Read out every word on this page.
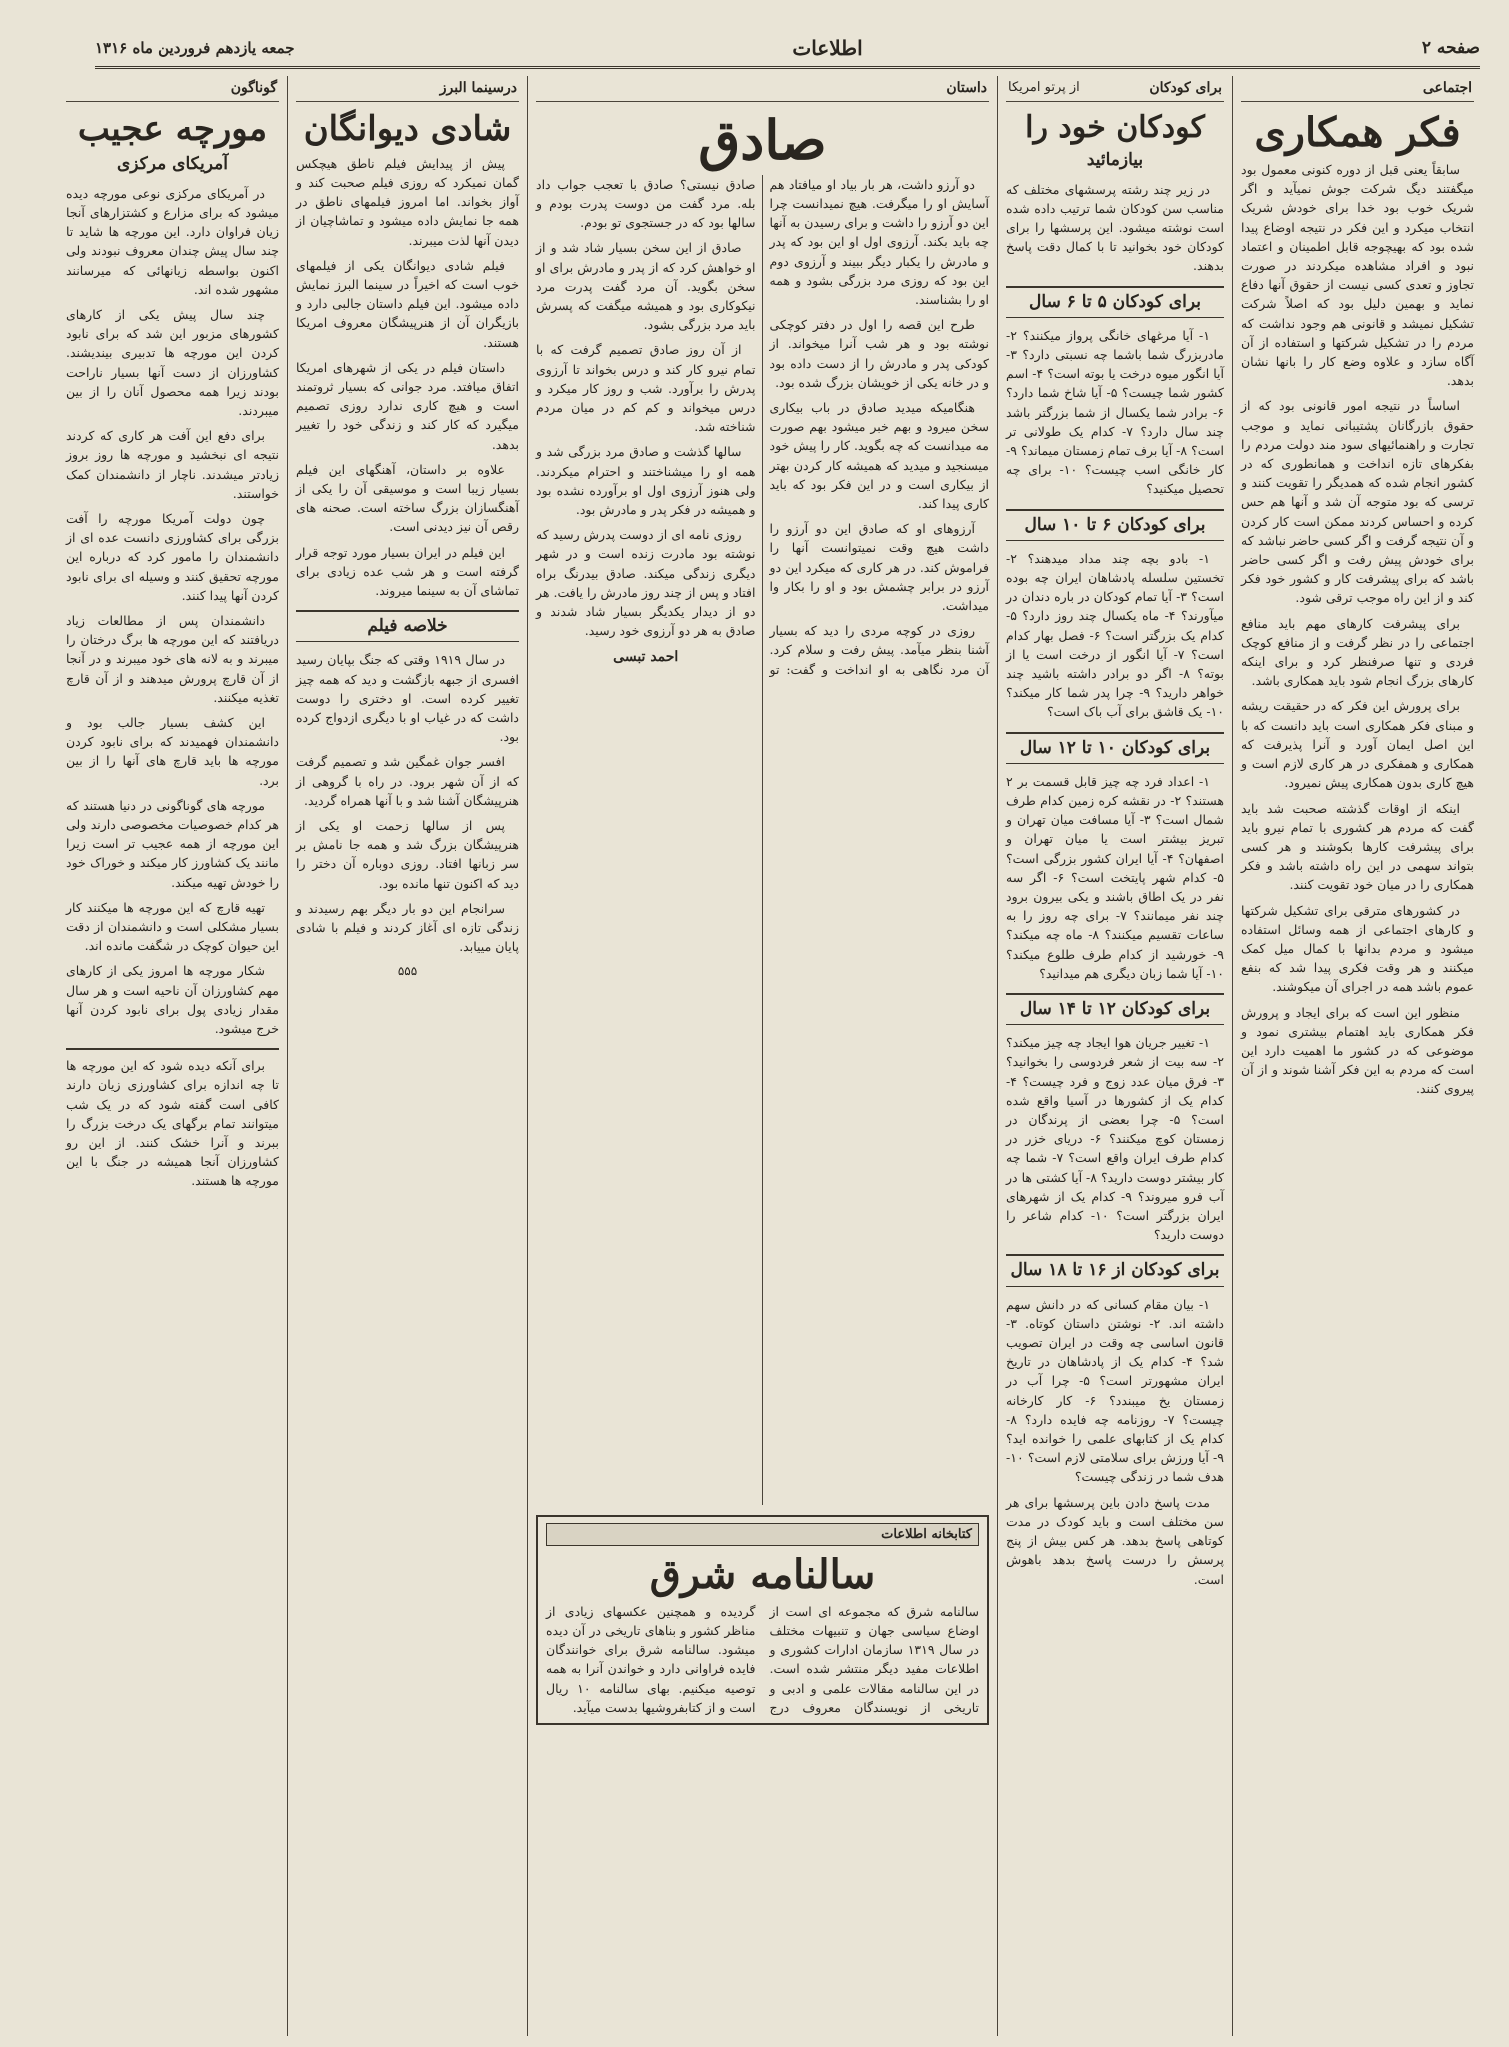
صفحه ۲
اطلاعات
جمعه یازدهم فروردین ماه ۱۳۱۶
اجتماعی
فکر همکاری

سابقاً یعنی قبل از دوره کنونی معمول بود میگفتند دیگ شرکت جوش نمیآید و اگر شریک خوب بود خدا برای خودش شریک انتخاب میکرد و این فکر در نتیجه اوضاع پیدا شده بود که بهیچوجه قابل اطمینان و اعتماد نبود و افراد مشاهده میکردند در صورت تجاوز و تعدی کسی نیست از حقوق آنها دفاع نماید و بهمین دلیل بود که اصلاً شرکت تشکیل نمیشد و قانونی هم وجود نداشت که مردم را در تشکیل شرکتها و استفاده از آن آگاه سازد و علاوه وضع کار را بانها نشان بدهد.

اساساً در نتیجه امور قانونی بود که از حقوق بازرگانان پشتیبانی نماید و موجب تجارت و راهنمائیهای سود مند دولت مردم را بفکرهای تازه انداخت و همانطوری که در کشور انجام شده که همدیگر را تقویت کنند و ترسی که بود متوجه آن شد و آنها هم حس کرده و احساس کردند ممکن است کار کردن و آن نتیجه گرفت و اگر کسی حاضر نباشد که برای خودش پیش رفت و اگر کسی حاضر باشد که برای پیشرفت کار و کشور خود فکر کند و از این راه موجب ترقی شود.

برای پیشرفت کارهای مهم باید منافع اجتماعی را در نظر گرفت و از منافع کوچک فردی و تنها صرفنظر کرد و برای اینکه کارهای بزرگ انجام شود باید همکاری باشد.

برای پرورش این فکر که در حقیقت ریشه و مبنای فکر همکاری است باید دانست که با این اصل ایمان آورد و آنرا پذیرفت که همکاری و همفکری در هر کاری لازم است و هیچ کاری بدون همکاری پیش نمیرود.

اینکه از اوقات گذشته صحبت شد باید گفت که مردم هر کشوری با تمام نیرو باید برای پیشرفت کارها بکوشند و هر کسی بتواند سهمی در این راه داشته باشد و فکر همکاری را در میان خود تقویت کنند.

در کشورهای مترقی برای تشکیل شرکتها و کارهای اجتماعی از همه وسائل استفاده میشود و مردم بدانها با کمال میل کمک میکنند و هر وقت فکری پیدا شد که بنفع عموم باشد همه در اجرای آن میکوشند.

منظور این است که برای ایجاد و پرورش فکر همکاری باید اهتمام بیشتری نمود و موضوعی که در کشور ما اهمیت دارد این است که مردم به این فکر آشنا شوند و از آن پیروی کنند.

برای کودکان
از پرتو امریکا
کودکان خود را
بیازمائید

در زیر چند رشته پرسشهای مختلف که مناسب سن کودکان شما ترتیب داده شده است نوشته میشود. این پرسشها را برای کودکان خود بخوانید تا با کمال دقت پاسخ بدهند.

برای کودکان ۵ تا ۶ سال

۱- آیا مرغهای خانگی پرواز میکنند؟ ۲- مادربزرگ شما باشما چه نسبتی دارد؟ ۳- آیا انگور میوه درخت یا بوته است؟ ۴- اسم کشور شما چیست؟ ۵- آیا شاخ شما دارد؟ ۶- برادر شما یکسال از شما بزرگتر باشد چند سال دارد؟ ۷- کدام یک طولانی تر است؟ ۸- آیا برف تمام زمستان میماند؟ ۹- کار خانگی اسب چیست؟ ۱۰- برای چه تحصیل میکنید؟

برای کودکان ۶ تا ۱۰ سال

۱- بادو بچه چند مداد میدهند؟ ۲- تخستین سلسله پادشاهان ایران چه بوده است؟ ۳- آیا تمام کودکان در باره دندان در میآورند؟ ۴- ماه یکسال چند روز دارد؟ ۵- کدام یک بزرگتر است؟ ۶- فصل بهار کدام است؟ ۷- آیا انگور از درخت است یا از بوته؟ ۸- اگر دو برادر داشته باشید چند خواهر دارید؟ ۹- چرا پدر شما کار میکند؟ ۱۰- یک قاشق برای آب باک است؟

برای کودکان ۱۰ تا ۱۲ سال

۱- اعداد فرد چه چیز قابل قسمت بر ۲ هستند؟ ۲- در نقشه کره زمین کدام طرف شمال است؟ ۳- آیا مسافت میان تهران و تبریز بیشتر است یا میان تهران و اصفهان؟ ۴- آیا ایران کشور بزرگی است؟ ۵- کدام شهر پایتخت است؟ ۶- اگر سه نفر در یک اطاق باشند و یکی بیرون برود چند نفر میمانند؟ ۷- برای چه روز را به ساعات تقسیم میکنند؟ ۸- ماه چه میکند؟ ۹- خورشید از کدام طرف طلوع میکند؟ ۱۰- آیا شما زبان دیگری هم میدانید؟

برای کودکان ۱۲ تا ۱۴ سال

۱- تغییر جریان هوا ایجاد چه چیز میکند؟ ۲- سه بیت از شعر فردوسی را بخوانید؟ ۳- فرق میان عدد زوج و فرد چیست؟ ۴- کدام یک از کشورها در آسیا واقع شده است؟ ۵- چرا بعضی از پرندگان در زمستان کوچ میکنند؟ ۶- دریای خزر در کدام طرف ایران واقع است؟ ۷- شما چه کار بیشتر دوست دارید؟ ۸- آیا کشتی ها در آب فرو میروند؟ ۹- کدام یک از شهرهای ایران بزرگتر است؟ ۱۰- کدام شاعر را دوست دارید؟

برای کودکان از ۱۶ تا ۱۸ سال

۱- بیان مقام کسانی که در دانش سهم داشته اند. ۲- نوشتن داستان کوتاه. ۳- قانون اساسی چه وقت در ایران تصویب شد؟ ۴- کدام یک از پادشاهان در تاریخ ایران مشهورتر است؟ ۵- چرا آب در زمستان یخ میبندد؟ ۶- کار کارخانه چیست؟ ۷- روزنامه چه فایده دارد؟ ۸- کدام یک از کتابهای علمی را خوانده اید؟ ۹- آیا ورزش برای سلامتی لازم است؟ ۱۰- هدف شما در زندگی چیست؟

مدت پاسخ دادن باین پرسشها برای هر سن مختلف است و باید کودک در مدت کوتاهی پاسخ بدهد. هر کس بیش از پنج پرسش را درست پاسخ بدهد باهوش است.

داستان
صادق

دو آرزو داشت، هر بار بیاد او میافتاد هم آسایش او را میگرفت. هیچ نمیدانست چرا این دو آرزو را داشت و برای رسیدن به آنها چه باید بکند. آرزوی اول او این بود که پدر و مادرش را یکبار دیگر ببیند و آرزوی دوم این بود که روزی مرد بزرگی بشود و همه او را بشناسند.

طرح این قصه را اول در دفتر کوچکی نوشته بود و هر شب آنرا میخواند. از کودکی پدر و مادرش را از دست داده بود و در خانه یکی از خویشان بزرگ شده بود.

هنگامیکه میدید صادق در باب بیکاری سخن میرود و بهم خبر میشود بهم صورت مه میدانست که چه بگوید. کار را پیش خود میسنجید و میدید که همیشه کار کردن بهتر از بیکاری است و در این فکر بود که باید کاری پیدا کند.

آرزوهای او که صادق این دو آرزو را داشت هیچ وقت نمیتوانست آنها را فراموش کند. در هر کاری که میکرد این دو آرزو در برابر چشمش بود و او را بکار وا میداشت.

روزی در کوچه مردی را دید که بسیار آشنا بنظر میآمد. پیش رفت و سلام کرد. آن مرد نگاهی به او انداخت و گفت: تو صادق نیستی؟ صادق با تعجب جواب داد بله. مرد گفت من دوست پدرت بودم و سالها بود که در جستجوی تو بودم.

صادق از این سخن بسیار شاد شد و از او خواهش کرد که از پدر و مادرش برای او سخن بگوید. آن مرد گفت پدرت مرد نیکوکاری بود و همیشه میگفت که پسرش باید مرد بزرگی بشود.

از آن روز صادق تصمیم گرفت که با تمام نیرو کار کند و درس بخواند تا آرزوی پدرش را برآورد. شب و روز کار میکرد و درس میخواند و کم کم در میان مردم شناخته شد.

سالها گذشت و صادق مرد بزرگی شد و همه او را میشناختند و احترام میکردند. ولی هنوز آرزوی اول او برآورده نشده بود و همیشه در فکر پدر و مادرش بود.

روزی نامه ای از دوست پدرش رسید که نوشته بود مادرت زنده است و در شهر دیگری زندگی میکند. صادق بیدرنگ براه افتاد و پس از چند روز مادرش را یافت. هر دو از دیدار یکدیگر بسیار شاد شدند و صادق به هر دو آرزوی خود رسید.

احمد تبسی
کتابخانه اطلاعات
سالنامه شرق
سالنامه شرق که مجموعه ای است از اوضاع سیاسی جهان و تنبیهات مختلف در سال ۱۳۱۹ سازمان ادارات کشوری و اطلاعات مفید دیگر منتشر شده است. در این سالنامه مقالات علمی و ادبی و تاریخی از نویسندگان معروف درج گردیده و همچنین عکسهای زیادی از مناظر کشور و بناهای تاریخی در آن دیده میشود. سالنامه شرق برای خوانندگان فایده فراوانی دارد و خواندن آنرا به همه توصیه میکنیم. بهای سالنامه ۱۰ ریال است و از کتابفروشیها بدست میآید.
درسینما البرز
شادی دیوانگان

پیش از پیدایش فیلم ناطق هیچکس گمان نمیکرد که روزی فیلم صحبت کند و آواز بخواند. اما امروز فیلمهای ناطق در همه جا نمایش داده میشود و تماشاچیان از دیدن آنها لذت میبرند.

فیلم شادی دیوانگان یکی از فیلمهای خوب است که اخیراً در سینما البرز نمایش داده میشود. این فیلم داستان جالبی دارد و بازیگران آن از هنرپیشگان معروف امریکا هستند.

داستان فیلم در یکی از شهرهای امریکا اتفاق میافتد. مرد جوانی که بسیار ثروتمند است و هیچ کاری ندارد روزی تصمیم میگیرد که کار کند و زندگی خود را تغییر بدهد.

علاوه بر داستان، آهنگهای این فیلم بسیار زیبا است و موسیقی آن را یکی از آهنگسازان بزرگ ساخته است. صحنه های رقص آن نیز دیدنی است.

این فیلم در ایران بسیار مورد توجه قرار گرفته است و هر شب عده زیادی برای تماشای آن به سینما میروند.

خلاصه فیلم

در سال ۱۹۱۹ وقتی که جنگ بپایان رسید افسری از جبهه بازگشت و دید که همه چیز تغییر کرده است. او دختری را دوست داشت که در غیاب او با دیگری ازدواج کرده بود.

افسر جوان غمگین شد و تصمیم گرفت که از آن شهر برود. در راه با گروهی از هنرپیشگان آشنا شد و با آنها همراه گردید.

پس از سالها زحمت او یکی از هنرپیشگان بزرگ شد و همه جا نامش بر سر زبانها افتاد. روزی دوباره آن دختر را دید که اکنون تنها مانده بود.

سرانجام این دو بار دیگر بهم رسیدند و زندگی تازه ای آغاز کردند و فیلم با شادی پایان مییابد.

۵۵۵
گوناگون
مورچه عجیب
آمریکای مرکزی

در آمریکای مرکزی نوعی مورچه دیده میشود که برای مزارع و کشتزارهای آنجا زیان فراوان دارد. این مورچه ها شاید تا چند سال پیش چندان معروف نبودند ولی اکنون بواسطه زیانهائی که میرسانند مشهور شده اند.

چند سال پیش یکی از کارهای کشورهای مزبور این شد که برای نابود کردن این مورچه ها تدبیری بیندیشند. کشاورزان از دست آنها بسیار ناراحت بودند زیرا همه محصول آنان را از بین میبردند.

برای دفع این آفت هر کاری که کردند نتیجه ای نبخشید و مورچه ها روز بروز زیادتر میشدند. ناچار از دانشمندان کمک خواستند.

چون دولت آمریکا مورچه را آفت بزرگی برای کشاورزی دانست عده ای از دانشمندان را مامور کرد که درباره این مورچه تحقیق کنند و وسیله ای برای نابود کردن آنها پیدا کنند.

دانشمندان پس از مطالعات زیاد دریافتند که این مورچه ها برگ درختان را میبرند و به لانه های خود میبرند و در آنجا از آن قارچ پرورش میدهند و از آن قارچ تغذیه میکنند.

این کشف بسیار جالب بود و دانشمندان فهمیدند که برای نابود کردن مورچه ها باید قارچ های آنها را از بین برد.

مورچه های گوناگونی در دنیا هستند که هر کدام خصوصیات مخصوصی دارند ولی این مورچه از همه عجیب تر است زیرا مانند یک کشاورز کار میکند و خوراک خود را خودش تهیه میکند.

تهیه قارچ که این مورچه ها میکنند کار بسیار مشکلی است و دانشمندان از دقت این حیوان کوچک در شگفت مانده اند.

شکار مورچه ها امروز یکی از کارهای مهم کشاورزان آن ناحیه است و هر سال مقدار زیادی پول برای نابود کردن آنها خرج میشود.

برای آنکه دیده شود که این مورچه ها تا چه اندازه برای کشاورزی زیان دارند کافی است گفته شود که در یک شب میتوانند تمام برگهای یک درخت بزرگ را ببرند و آنرا خشک کنند. از این رو کشاورزان آنجا همیشه در جنگ با این مورچه ها هستند.
